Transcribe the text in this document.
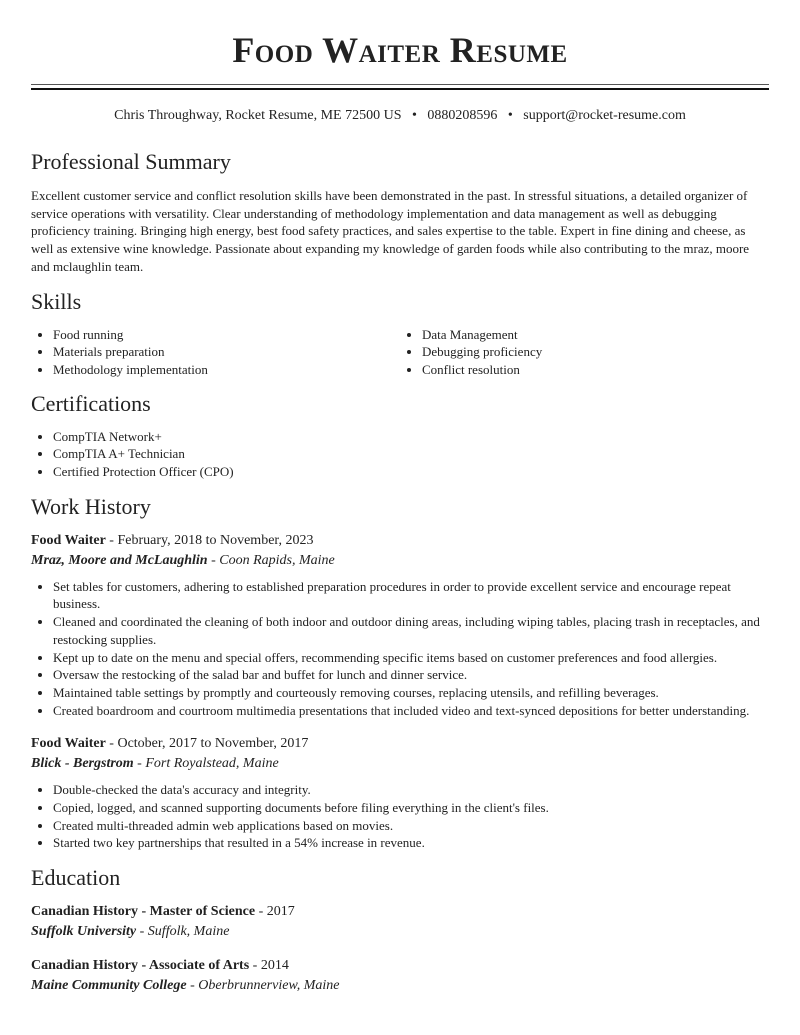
Food Waiter Resume
Chris Throughway, Rocket Resume, ME 72500 US • 0880208596 • support@rocket-resume.com
Professional Summary

Excellent customer service and conflict resolution skills have been demonstrated in the past. In stressful situations, a detailed organizer of service operations with versatility. Clear understanding of methodology implementation and data management as well as debugging proficiency training. Bringing high energy, best food safety practices, and sales expertise to the table. Expert in fine dining and cheese, as well as extensive wine knowledge. Passionate about expanding my knowledge of garden foods while also contributing to the mraz, moore and mclaughlin team.

Skills
• Food running
• Materials preparation
• Methodology implementation
• Data Management
• Debugging proficiency
• Conflict resolution
Certifications
• CompTIA Network+
• CompTIA A+ Technician
• Certified Protection Officer (CPO)
Work History
Food Waiter - February, 2018 to November, 2023
Mraz, Moore and McLaughlin - Coon Rapids, Maine
• Set tables for customers, adhering to established preparation procedures in order to provide excellent service and encourage repeat business.
• Cleaned and coordinated the cleaning of both indoor and outdoor dining areas, including wiping tables, placing trash in receptacles, and restocking supplies.
• Kept up to date on the menu and special offers, recommending specific items based on customer preferences and food allergies.
• Oversaw the restocking of the salad bar and buffet for lunch and dinner service.
• Maintained table settings by promptly and courteously removing courses, replacing utensils, and refilling beverages.
• Created boardroom and courtroom multimedia presentations that included video and text-synced depositions for better understanding.
Food Waiter - October, 2017 to November, 2017
Blick - Bergstrom - Fort Royalstead, Maine
• Double-checked the data's accuracy and integrity.
• Copied, logged, and scanned supporting documents before filing everything in the client's files.
• Created multi-threaded admin web applications based on movies.
• Started two key partnerships that resulted in a 54% increase in revenue.
Education
Canadian History - Master of Science - 2017
Suffolk University - Suffolk, Maine
Canadian History - Associate of Arts - 2014
Maine Community College - Oberbrunnerview, Maine
